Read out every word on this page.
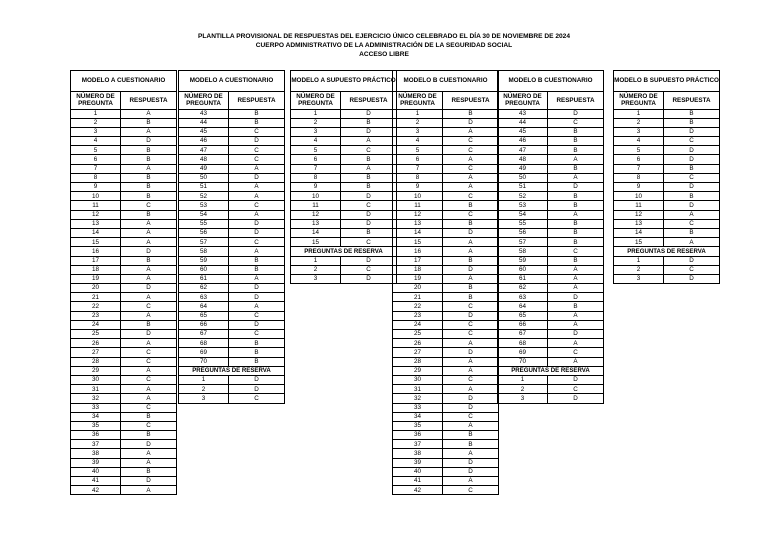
PLANTILLA PROVISIONAL DE RESPUESTAS DEL EJERCICIO ÚNICO CELEBRADO EL DÍA 30 DE NOVIEMBRE DE 2024
CUERPO ADMINISTRATIVO DE LA ADMINISTRACIÓN DE LA SEGURIDAD SOCIAL
ACCESO LIBRE
MODELO A CUESTIONARIO	
NÚMERO DE PREGUNTA	RESPUESTA
1	A
2	B
3	A
4	D
5	B
6	B
7	A
8	B
9	B
10	B
11	C
12	B
13	A
14	A
15	A
16	D
17	B
18	A
19	A
20	D
21	A
22	C
23	A
24	B
25	D
26	A
27	C
28	C
29	A
30	C
31	A
32	A
33	C
34	B
35	C
36	B
37	D
38	A
39	A
40	B
41	D
42	A
MODELO A CUESTIONARIO	
NÚMERO DE PREGUNTA	RESPUESTA
43	B
44	B
45	C
46	D
47	C
48	C
49	A
50	D
51	A
52	A
53	C
54	A
55	D
56	D
57	C
58	A
59	B
60	B
61	A
62	D
63	D
64	A
65	C
66	D
67	C
68	B
69	B
70	B
PREGUNTAS DE RESERVA	
1	D
2	D
3	C
MODELO A SUPUESTO PRÁCTICO	
NÚMERO DE PREGUNTA	RESPUESTA
1	D
2	B
3	D
4	A
5	C
6	B
7	A
8	B
9	B
10	D
11	C
12	D
13	D
14	B
15	C
PREGUNTAS DE RESERVA	
1	D
2	C
3	D
MODELO B CUESTIONARIO	
NÚMERO DE PREGUNTA	RESPUESTA
1	B
2	D
3	A
4	C
5	C
6	A
7	C
8	A
9	A
10	C
11	B
12	C
13	B
14	D
15	A
16	A
17	B
18	D
19	A
20	B
21	B
22	C
23	D
24	C
25	C
26	A
27	D
28	A
29	A
30	C
31	A
32	D
33	D
34	C
35	A
36	B
37	B
38	A
39	D
40	D
41	A
42	C
MODELO B CUESTIONARIO	
NÚMERO DE PREGUNTA	RESPUESTA
43	D
44	C
45	B
46	B
47	B
48	A
49	B
50	A
51	D
52	B
53	B
54	A
55	B
56	B
57	B
58	C
59	B
60	A
61	A
62	A
63	D
64	B
65	A
66	A
67	D
68	A
69	C
70	A
PREGUNTAS DE RESERVA	
1	D
2	C
3	D
MODELO B SUPUESTO PRÁCTICO	
NÚMERO DE PREGUNTA	RESPUESTA
1	B
2	B
3	D
4	C
5	D
6	D
7	B
8	C
9	D
10	B
11	D
12	A
13	C
14	B
15	A
PREGUNTAS DE RESERVA	
1	D
2	C
3	D
